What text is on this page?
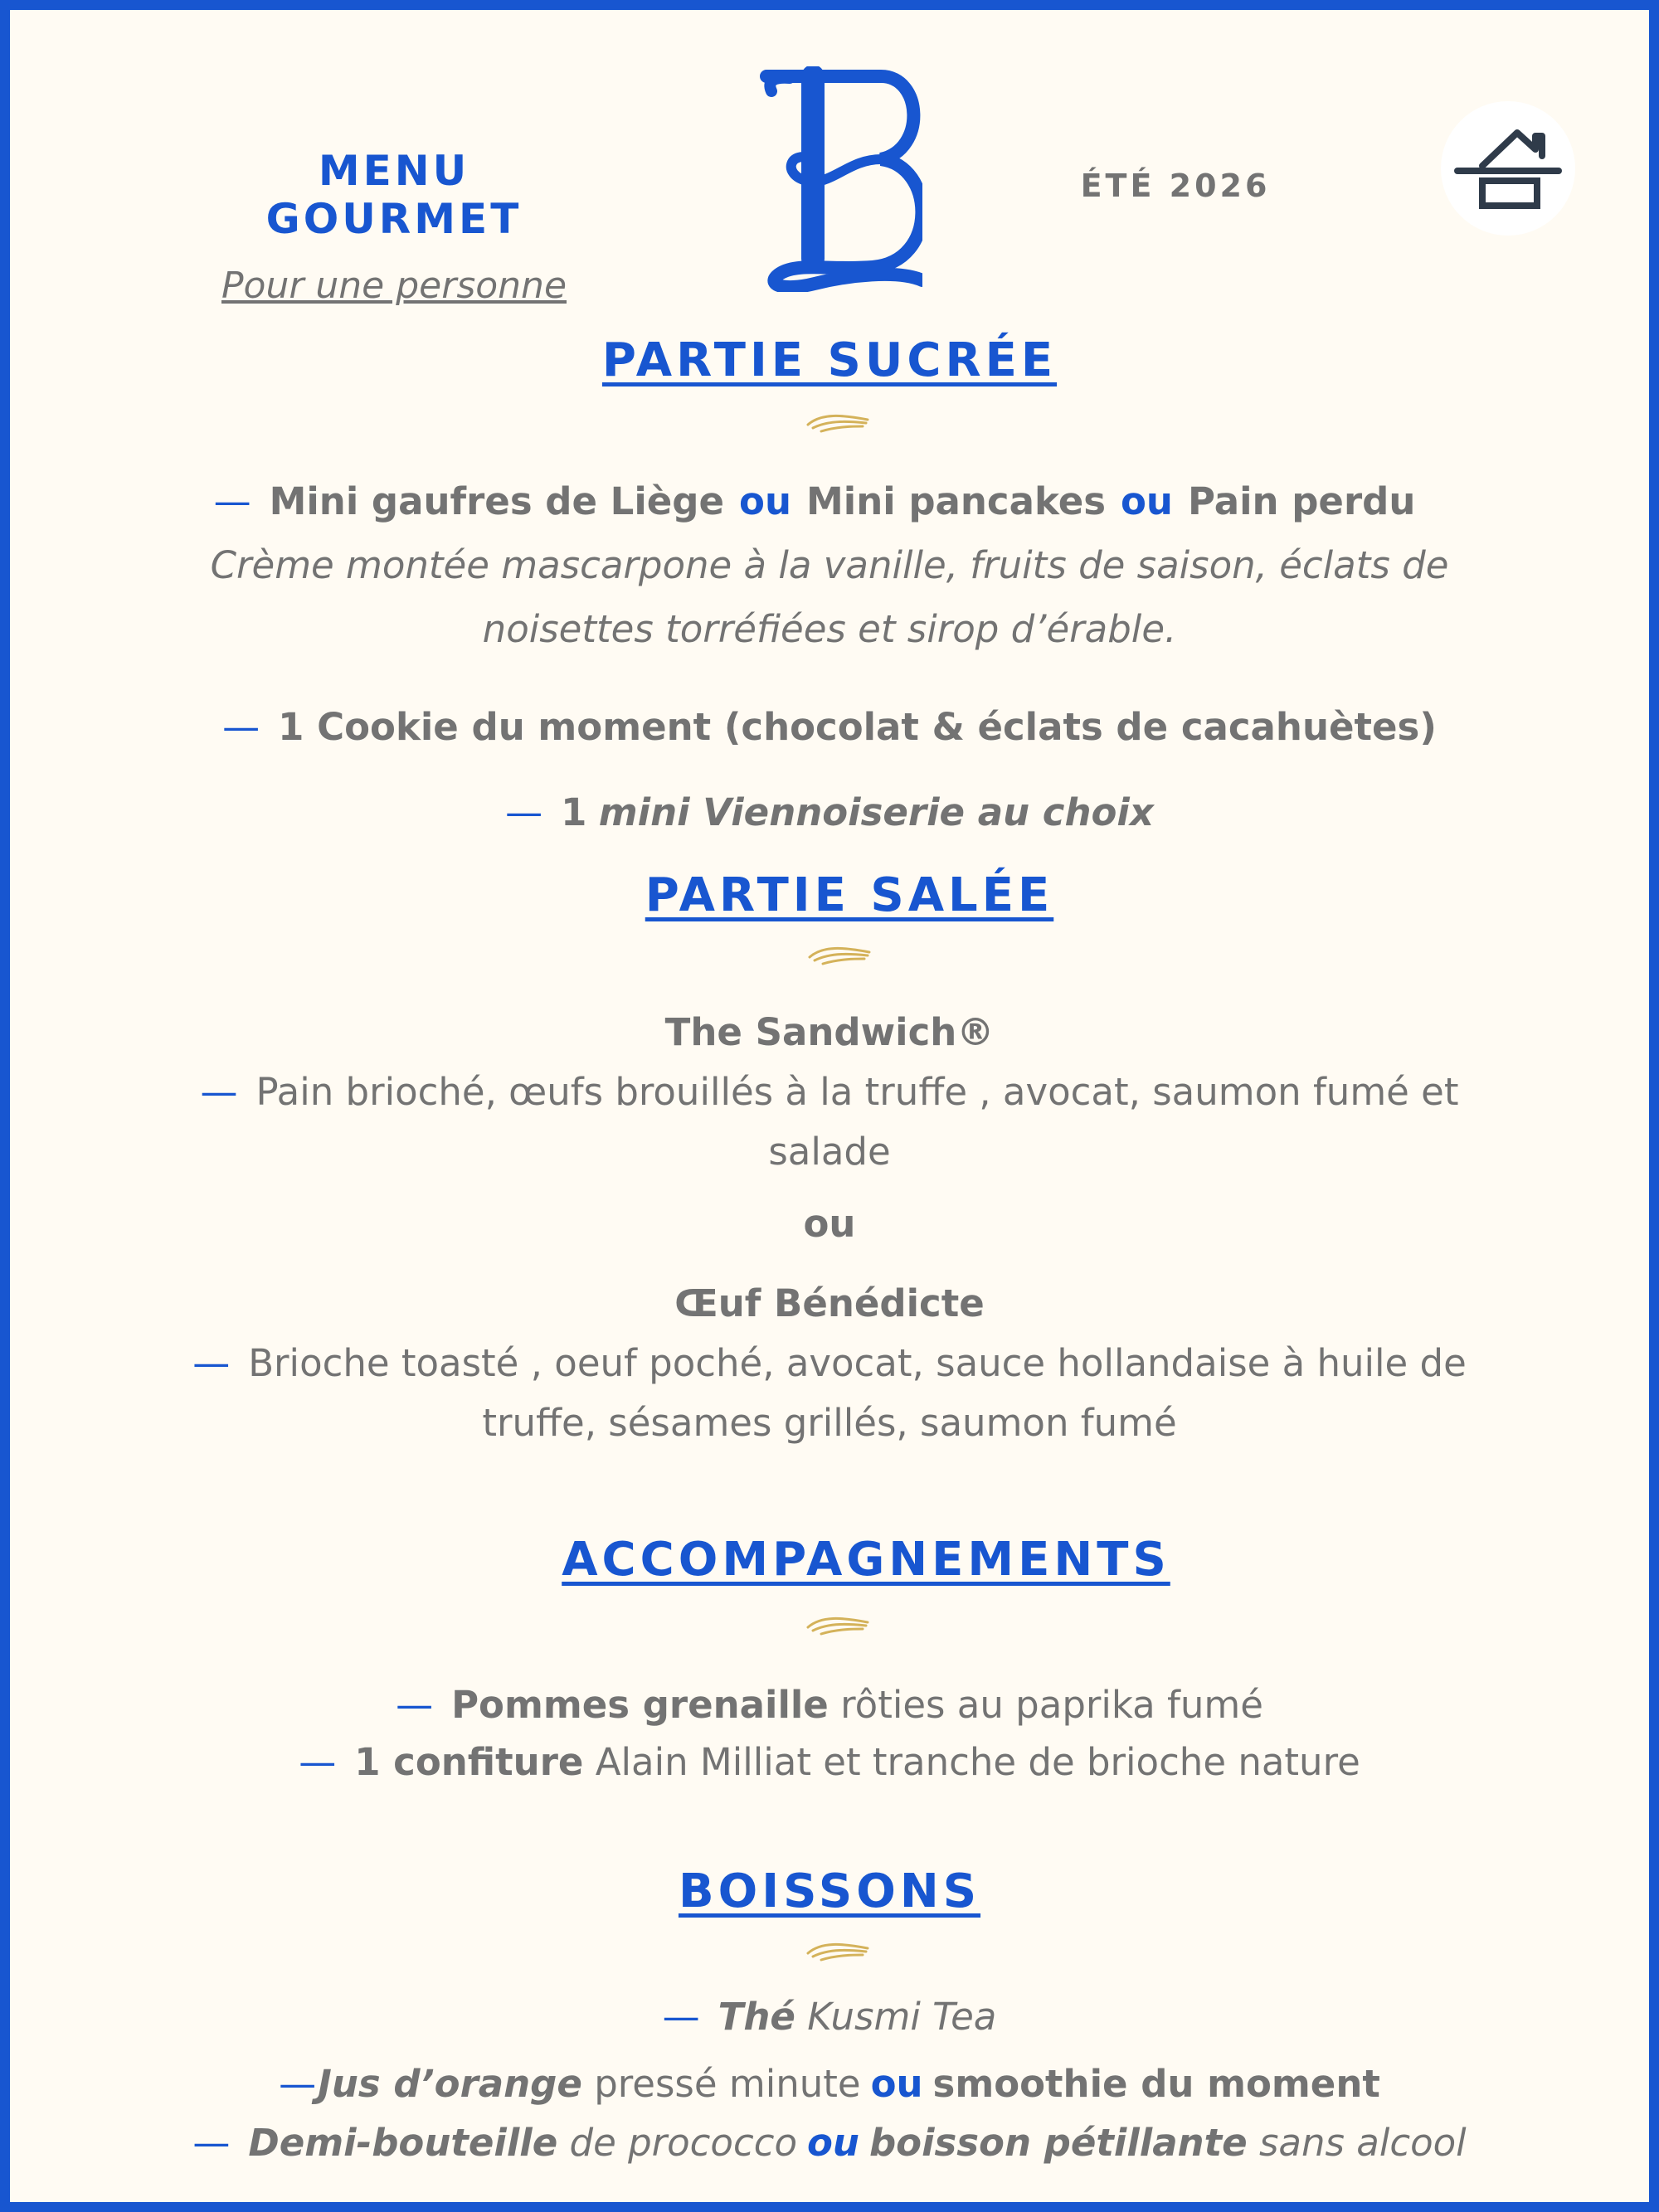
MENU GOURMET
Pour une personne
ÉTÉ 2026
PARTIE SUCRÉE
— Mini gaufres de Liège ou Mini pancakes ou Pain perdu
Crème montée mascarpone à la vanille, fruits de saison, éclats de
noisettes torréfiées et sirop d’érable.
— 1 Cookie du moment (chocolat & éclats de cacahuètes)
— 1 mini Viennoiserie au choix
PARTIE SALÉE
The Sandwich®
— Pain brioché, œufs brouillés à la truffe , avocat, saumon fumé et
salade
ou
Œuf Bénédicte
— Brioche toasté , oeuf poché, avocat, sauce hollandaise à huile de
truffe, sésames grillés, saumon fumé
ACCOMPAGNEMENTS
— Pommes grenaille rôties au paprika fumé
— 1 confiture Alain Milliat et tranche de brioche nature
BOISSONS
— Thé Kusmi Tea
—Jus d’orange pressé minute ou smoothie du moment
— Demi-bouteille de prococco ou boisson pétillante sans alcool
